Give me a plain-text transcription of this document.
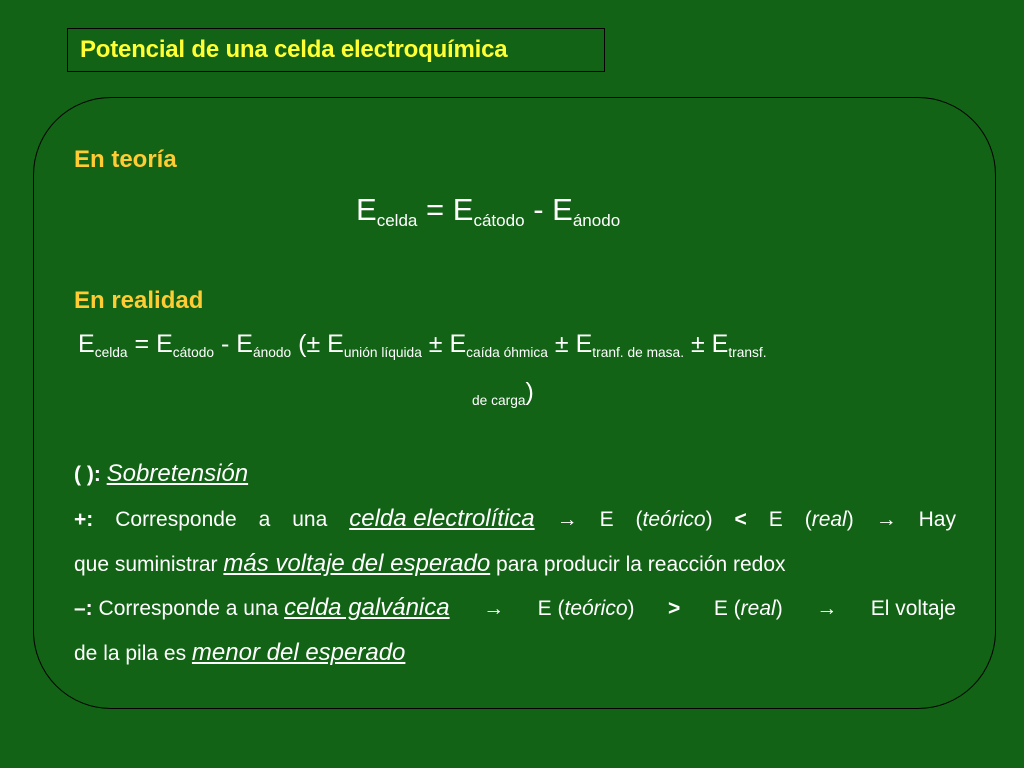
Potencial de una celda electroquímica
En teoría
$E_{celda} = E_{cátodo} - E_{ánodo}$
En realidad
$E_{celda} = E_{cátodo} - E_{ánodo}$ (± $E_{unión líquida} \pm E_{caída óhmica} \pm E_{tranf. de masa.} \pm E_{transf.}$
$_{de carga}$)
( ): Sobretensión
+: Corresponde a una celda electrolítica → E (teórico) < E (real) → Hay
que suministrar más voltaje del esperado para producir la reacción redox
–: Corresponde a una celda galvánica → E (teórico) > E (real) → El voltaje
de la pila es menor del esperado
